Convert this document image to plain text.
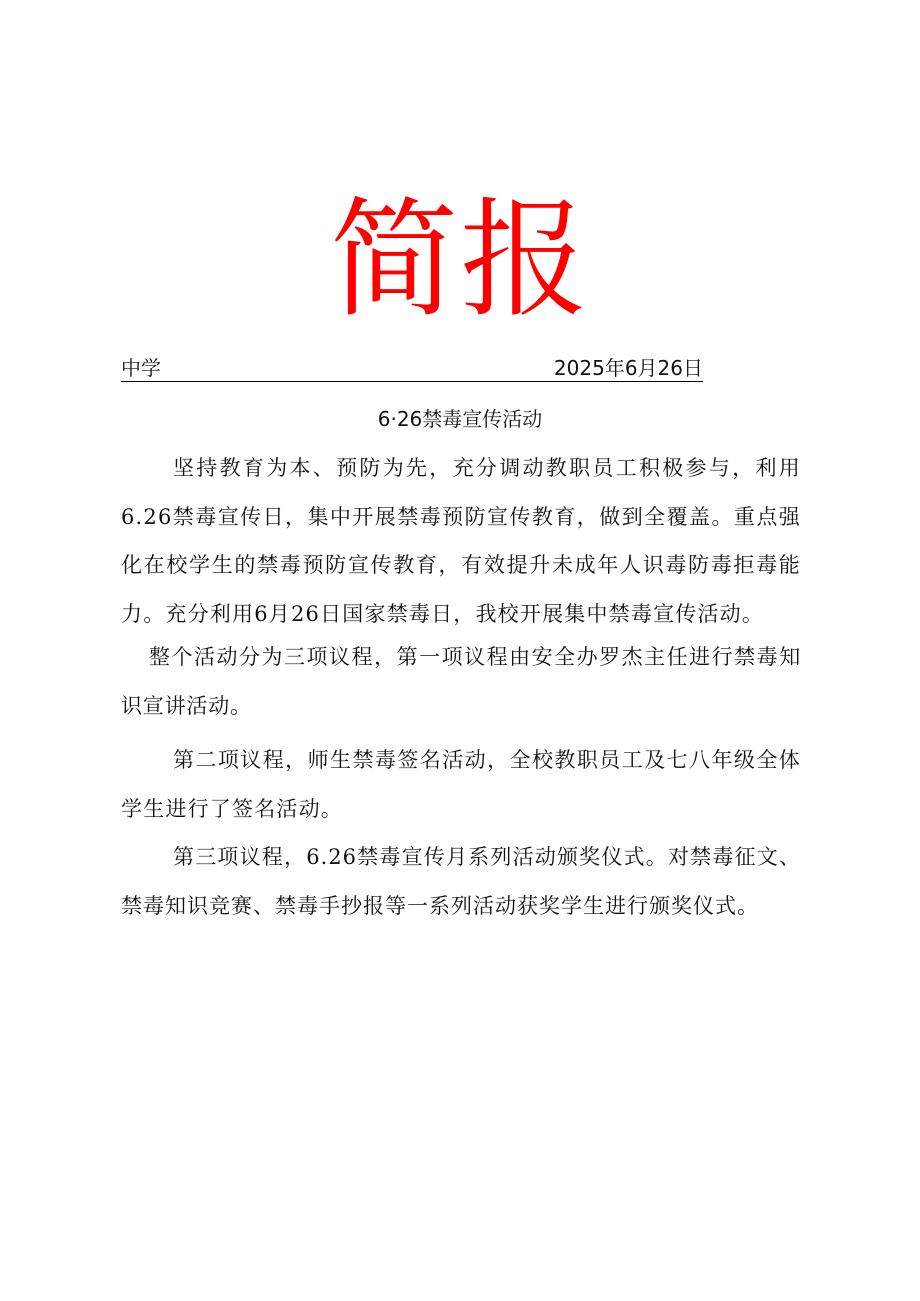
简报
中学	2025年6月26日
6·26禁毒宣传活动

坚持教育为本、预防为先，充分调动教职员工积极参与，利用6.26禁毒宣传日，集中开展禁毒预防宣传教育，做到全覆盖。重点强化在校学生的禁毒预防宣传教育，有效提升未成年人识毒防毒拒毒能力。充分利用6月26日国家禁毒日，我校开展集中禁毒宣传活动。

整个活动分为三项议程，第一项议程由安全办罗杰主任进行禁毒知识宣讲活动。

第二项议程，师生禁毒签名活动，全校教职员工及七八年级全体学生进行了签名活动。

第三项议程，6.26禁毒宣传月系列活动颁奖仪式。对禁毒征文、禁毒知识竞赛、禁毒手抄报等一系列活动获奖学生进行颁奖仪式。
